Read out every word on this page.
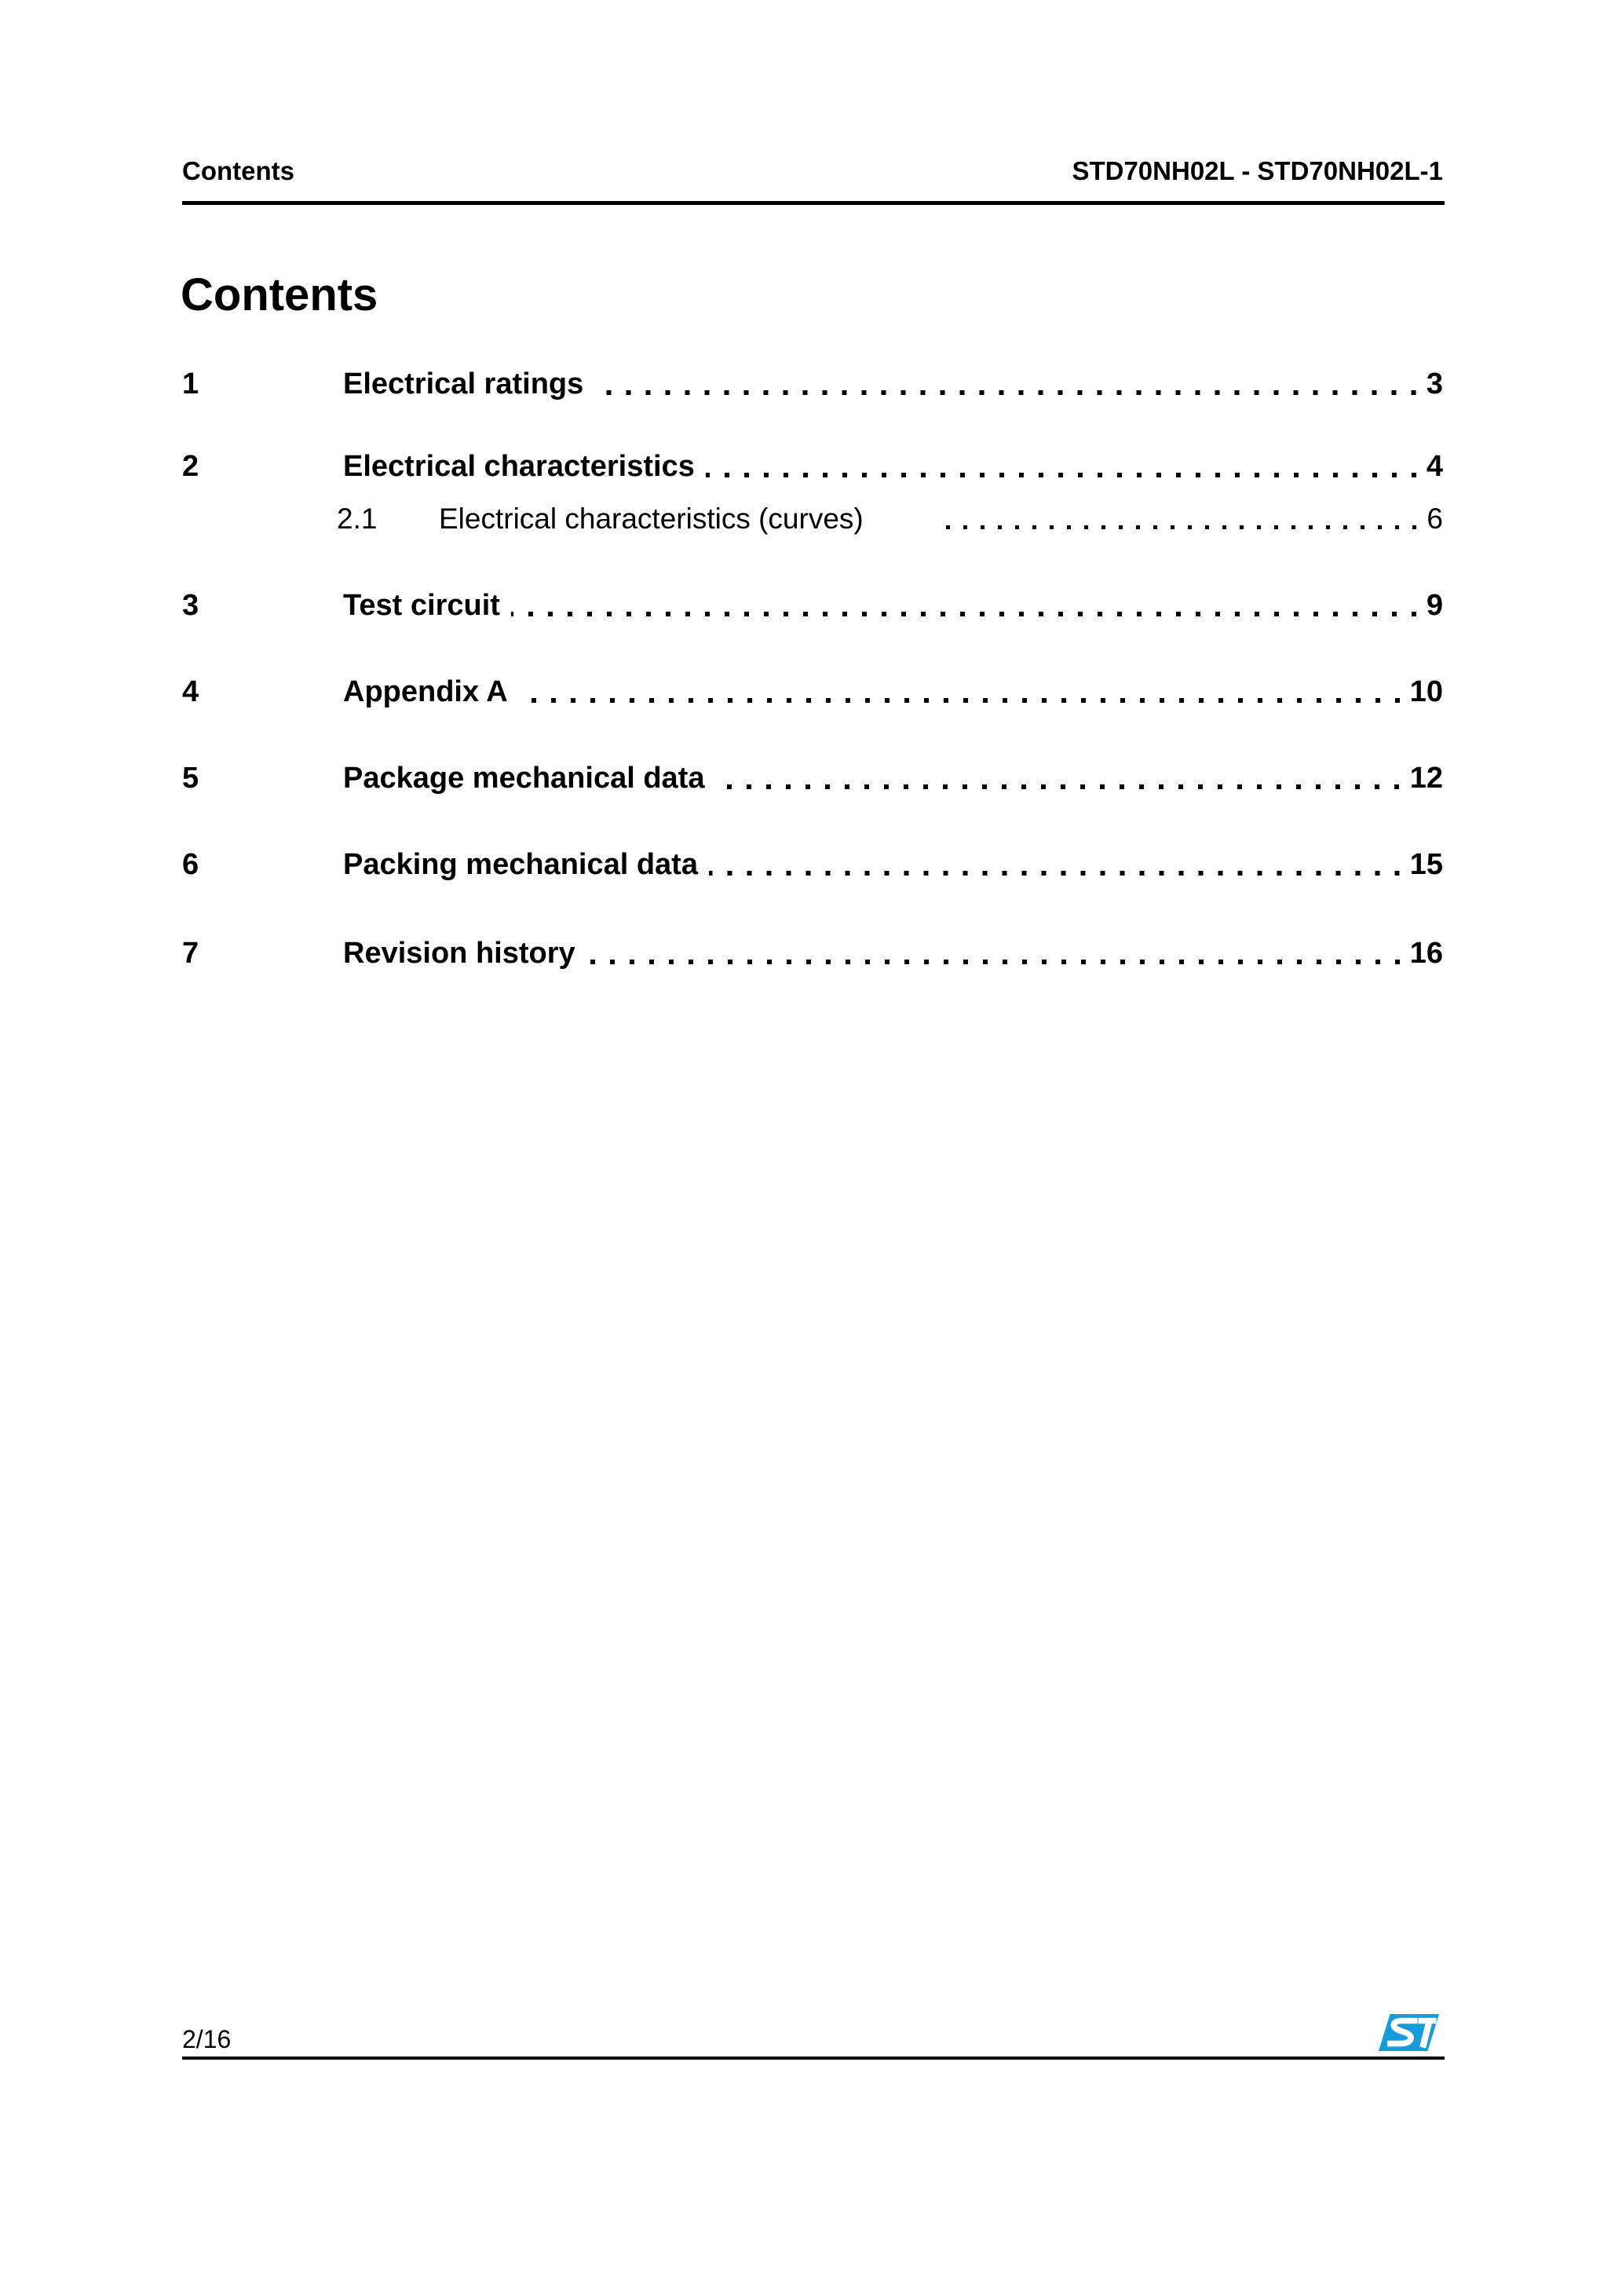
Contents	STD70NH02L - STD70NH02L-1
Contents
1	Electrical ratings	3
2	Electrical characteristics	4
2.1	Electrical characteristics (curves)	6
3	Test circuit	9
4	Appendix A	10
5	Package mechanical data	12
6	Packing mechanical data	15
7	Revision history	16
2/16
